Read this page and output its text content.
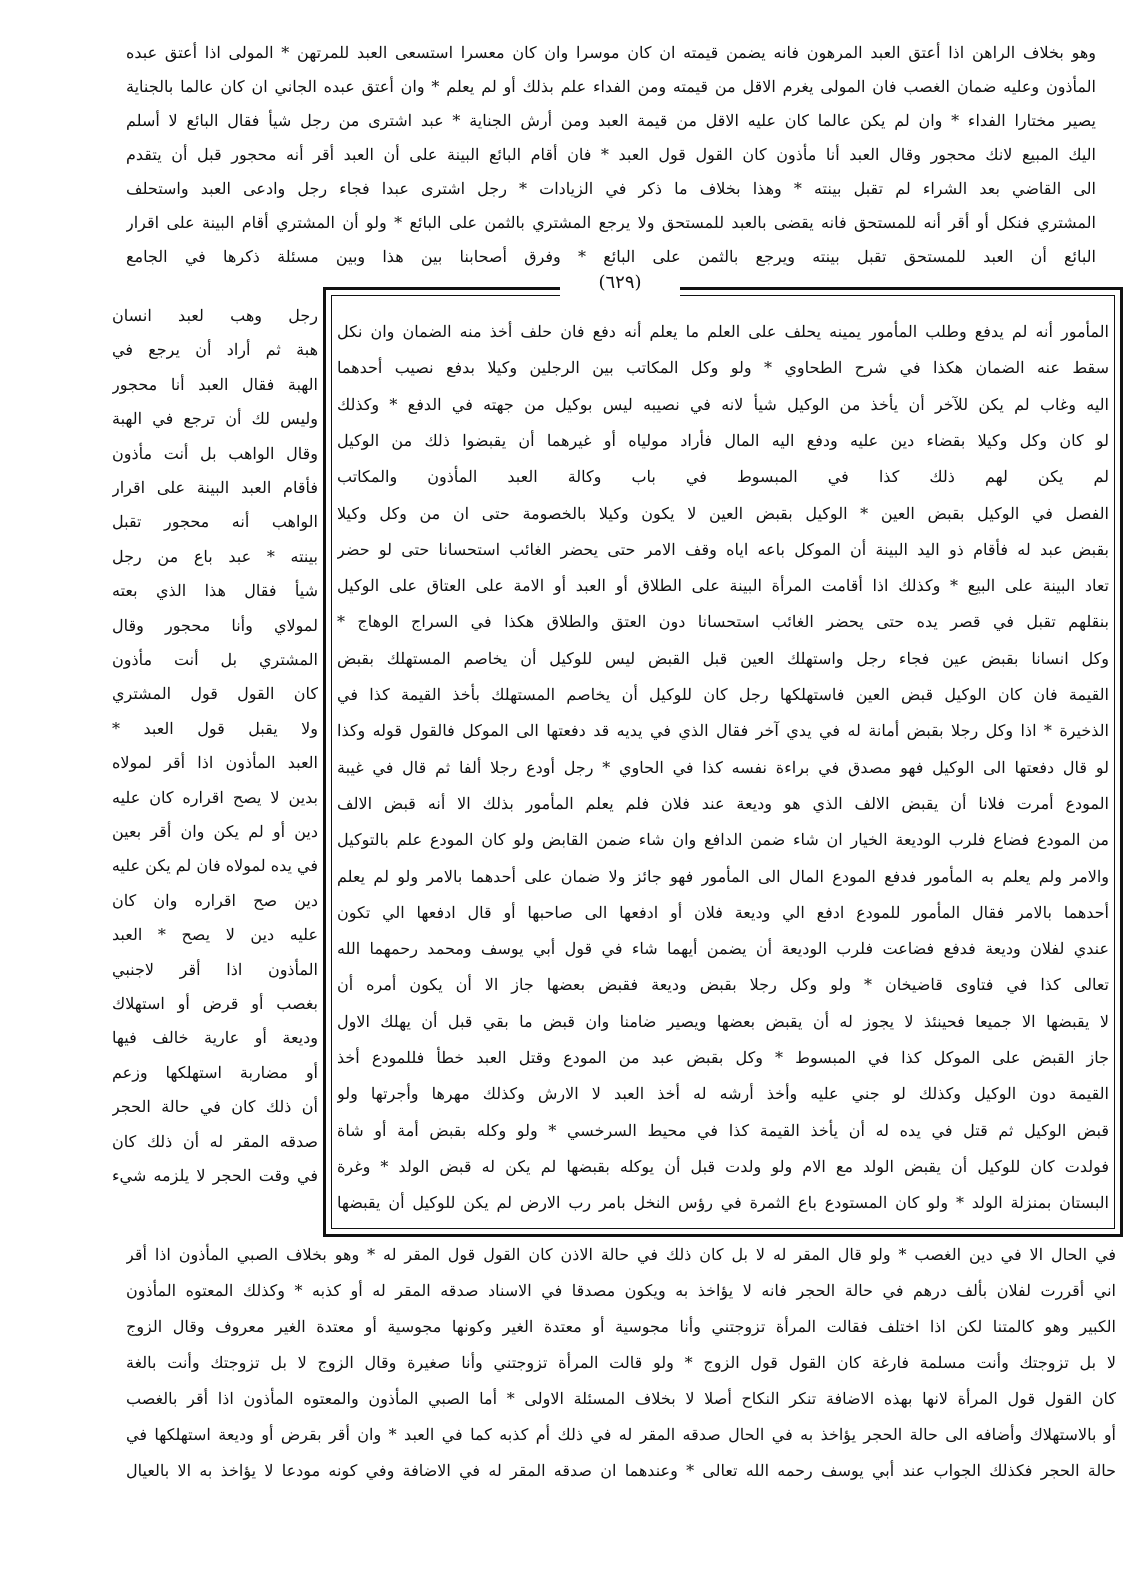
وهو بخلاف الراهن اذا أعتق العبد المرهون فانه يضمن قيمته ان كان موسرا وان كان معسرا استسعى العبد للمرتهن * المولى اذا أعتق عبده
المأذون وعليه ضمان الغصب فان المولى يغرم الاقل من قيمته ومن الفداء علم بذلك أو لم يعلم * وان أعتق عبده الجاني ان كان عالما بالجناية
يصير مختارا الفداء * وان لم يكن عالما كان عليه الاقل من قيمة العبد ومن أرش الجناية * عبد اشترى من رجل شيأ فقال البائع لا أسلم
اليك المبيع لانك محجور وقال العبد أنا مأذون كان القول قول العبد * فان أقام البائع البينة على أن العبد أقر أنه محجور قبل أن يتقدم
الى القاضي بعد الشراء لم تقبل بينته * وهذا بخلاف ما ذكر في الزيادات * رجل اشترى عبدا فجاء رجل وادعى العبد واستحلف
المشتري فنكل أو أقر أنه للمستحق فانه يقضى بالعبد للمستحق ولا يرجع المشتري بالثمن على البائع * ولو أن المشتري أقام البينة على اقرار
البائع أن العبد للمستحق تقبل بينته ويرجع بالثمن على البائع * وفرق أصحابنا بين هذا وبين مسئلة ذكرها في الجامع
(٦٢٩)
رجل وهب لعبد انسان
هبة ثم أراد أن يرجع في
الهبة فقال العبد أنا محجور
وليس لك أن ترجع في الهبة
وقال الواهب بل أنت مأذون
فأقام العبد البينة على اقرار
الواهب أنه محجور تقبل
بينته * عبد باع من رجل
شيأ فقال هذا الذي بعته
لمولاي وأنا محجور وقال
المشتري بل أنت مأذون
كان القول قول المشتري
ولا يقبل قول العبد *
العبد المأذون اذا أقر لمولاه
بدين لا يصح اقراره كان عليه
دين أو لم يكن وان أقر بعين
في يده لمولاه فان لم يكن عليه
دين صح اقراره وان كان
عليه دين لا يصح * العبد
المأذون اذا أقر لاجنبي
بغصب أو قرض أو استهلاك
وديعة أو عارية خالف فيها
أو مضاربة استهلكها وزعم
أن ذلك كان في حالة الحجر
صدقه المقر له أن ذلك كان
في وقت الحجر لا يلزمه شيء
المأمور أنه لم يدفع وطلب المأمور يمينه يحلف على العلم ما يعلم أنه دفع فان حلف أخذ منه الضمان وان نكل
سقط عنه الضمان هكذا في شرح الطحاوي * ولو وكل المكاتب بين الرجلين وكيلا بدفع نصيب أحدهما
اليه وغاب لم يكن للآخر أن يأخذ من الوكيل شيأ لانه في نصيبه ليس بوكيل من جهته في الدفع * وكذلك
لو كان وكل وكيلا بقضاء دين عليه ودفع اليه المال فأراد مولياه أو غيرهما أن يقبضوا ذلك من الوكيل
لم يكن لهم ذلك كذا في المبسوط في باب وكالة العبد المأذون والمكاتب
الفصل في الوكيل بقبض العين * الوكيل بقبض العين لا يكون وكيلا بالخصومة حتى ان من وكل وكيلا
بقبض عبد له فأقام ذو اليد البينة أن الموكل باعه اياه وقف الامر حتى يحضر الغائب استحسانا حتى لو حضر
تعاد البينة على البيع * وكذلك اذا أقامت المرأة البينة على الطلاق أو العبد أو الامة على العتاق على الوكيل
بنقلهم تقبل في قصر يده حتى يحضر الغائب استحسانا دون العتق والطلاق هكذا في السراج الوهاج *
وكل انسانا بقبض عين فجاء رجل واستهلك العين قبل القبض ليس للوكيل أن يخاصم المستهلك بقبض
القيمة فان كان الوكيل قبض العين فاستهلكها رجل كان للوكيل أن يخاصم المستهلك بأخذ القيمة كذا في
الذخيرة * اذا وكل رجلا بقبض أمانة له في يدي آخر فقال الذي في يديه قد دفعتها الى الموكل فالقول قوله وكذا
لو قال دفعتها الى الوكيل فهو مصدق في براءة نفسه كذا في الحاوي * رجل أودع رجلا ألفا ثم قال في غيبة
المودع أمرت فلانا أن يقبض الالف الذي هو وديعة عند فلان فلم يعلم المأمور بذلك الا أنه قبض الالف
من المودع فضاع فلرب الوديعة الخيار ان شاء ضمن الدافع وان شاء ضمن القابض ولو كان المودع علم بالتوكيل
والامر ولم يعلم به المأمور فدفع المودع المال الى المأمور فهو جائز ولا ضمان على أحدهما بالامر ولو لم يعلم
أحدهما بالامر فقال المأمور للمودع ادفع الي وديعة فلان أو ادفعها الى صاحبها أو قال ادفعها الي تكون
عندي لفلان وديعة فدفع فضاعت فلرب الوديعة أن يضمن أيهما شاء في قول أبي يوسف ومحمد رحمهما الله
تعالى كذا في فتاوى قاضيخان * ولو وكل رجلا بقبض وديعة فقبض بعضها جاز الا أن يكون أمره أن
لا يقبضها الا جميعا فحينئذ لا يجوز له أن يقبض بعضها ويصير ضامنا وان قبض ما بقي قبل أن يهلك الاول
جاز القبض على الموكل كذا في المبسوط * وكل بقبض عبد من المودع وقتل العبد خطأ فللمودع أخذ
القيمة دون الوكيل وكذلك لو جني عليه وأخذ أرشه له أخذ العبد لا الارش وكذلك مهرها وأجرتها ولو
قبض الوكيل ثم قتل في يده له أن يأخذ القيمة كذا في محيط السرخسي * ولو وكله بقبض أمة أو شاة
فولدت كان للوكيل أن يقبض الولد مع الام ولو ولدت قبل أن يوكله بقبضها لم يكن له قبض الولد * وغرة
البستان بمنزلة الولد * ولو كان المستودع باع الثمرة في رؤس النخل بامر رب الارض لم يكن للوكيل أن يقبضها
في الحال الا في دين الغصب * ولو قال المقر له لا بل كان ذلك في حالة الاذن كان القول قول المقر له * وهو بخلاف الصبي المأذون اذا أقر
اني أقررت لفلان بألف درهم في حالة الحجر فانه لا يؤاخذ به ويكون مصدقا في الاسناد صدقه المقر له أو كذبه * وكذلك المعتوه المأذون
الكبير وهو كالمتنا لكن اذا اختلف فقالت المرأة تزوجتني وأنا مجوسية أو معتدة الغير وكونها مجوسية أو معتدة الغير معروف وقال الزوج
لا بل تزوجتك وأنت مسلمة فارغة كان القول قول الزوج * ولو قالت المرأة تزوجتني وأنا صغيرة وقال الزوج لا بل تزوجتك وأنت بالغة
كان القول قول المرأة لانها بهذه الاضافة تنكر النكاح أصلا لا بخلاف المسئلة الاولى * أما الصبي المأذون والمعتوه المأذون اذا أقر بالغصب
أو بالاستهلاك وأضافه الى حالة الحجر يؤاخذ به في الحال صدقه المقر له في ذلك أم كذبه كما في العبد * وان أقر بقرض أو وديعة استهلكها في
حالة الحجر فكذلك الجواب عند أبي يوسف رحمه الله تعالى * وعندهما ان صدقه المقر له في الاضافة وفي كونه مودعا لا يؤاخذ به الا بالعيال
